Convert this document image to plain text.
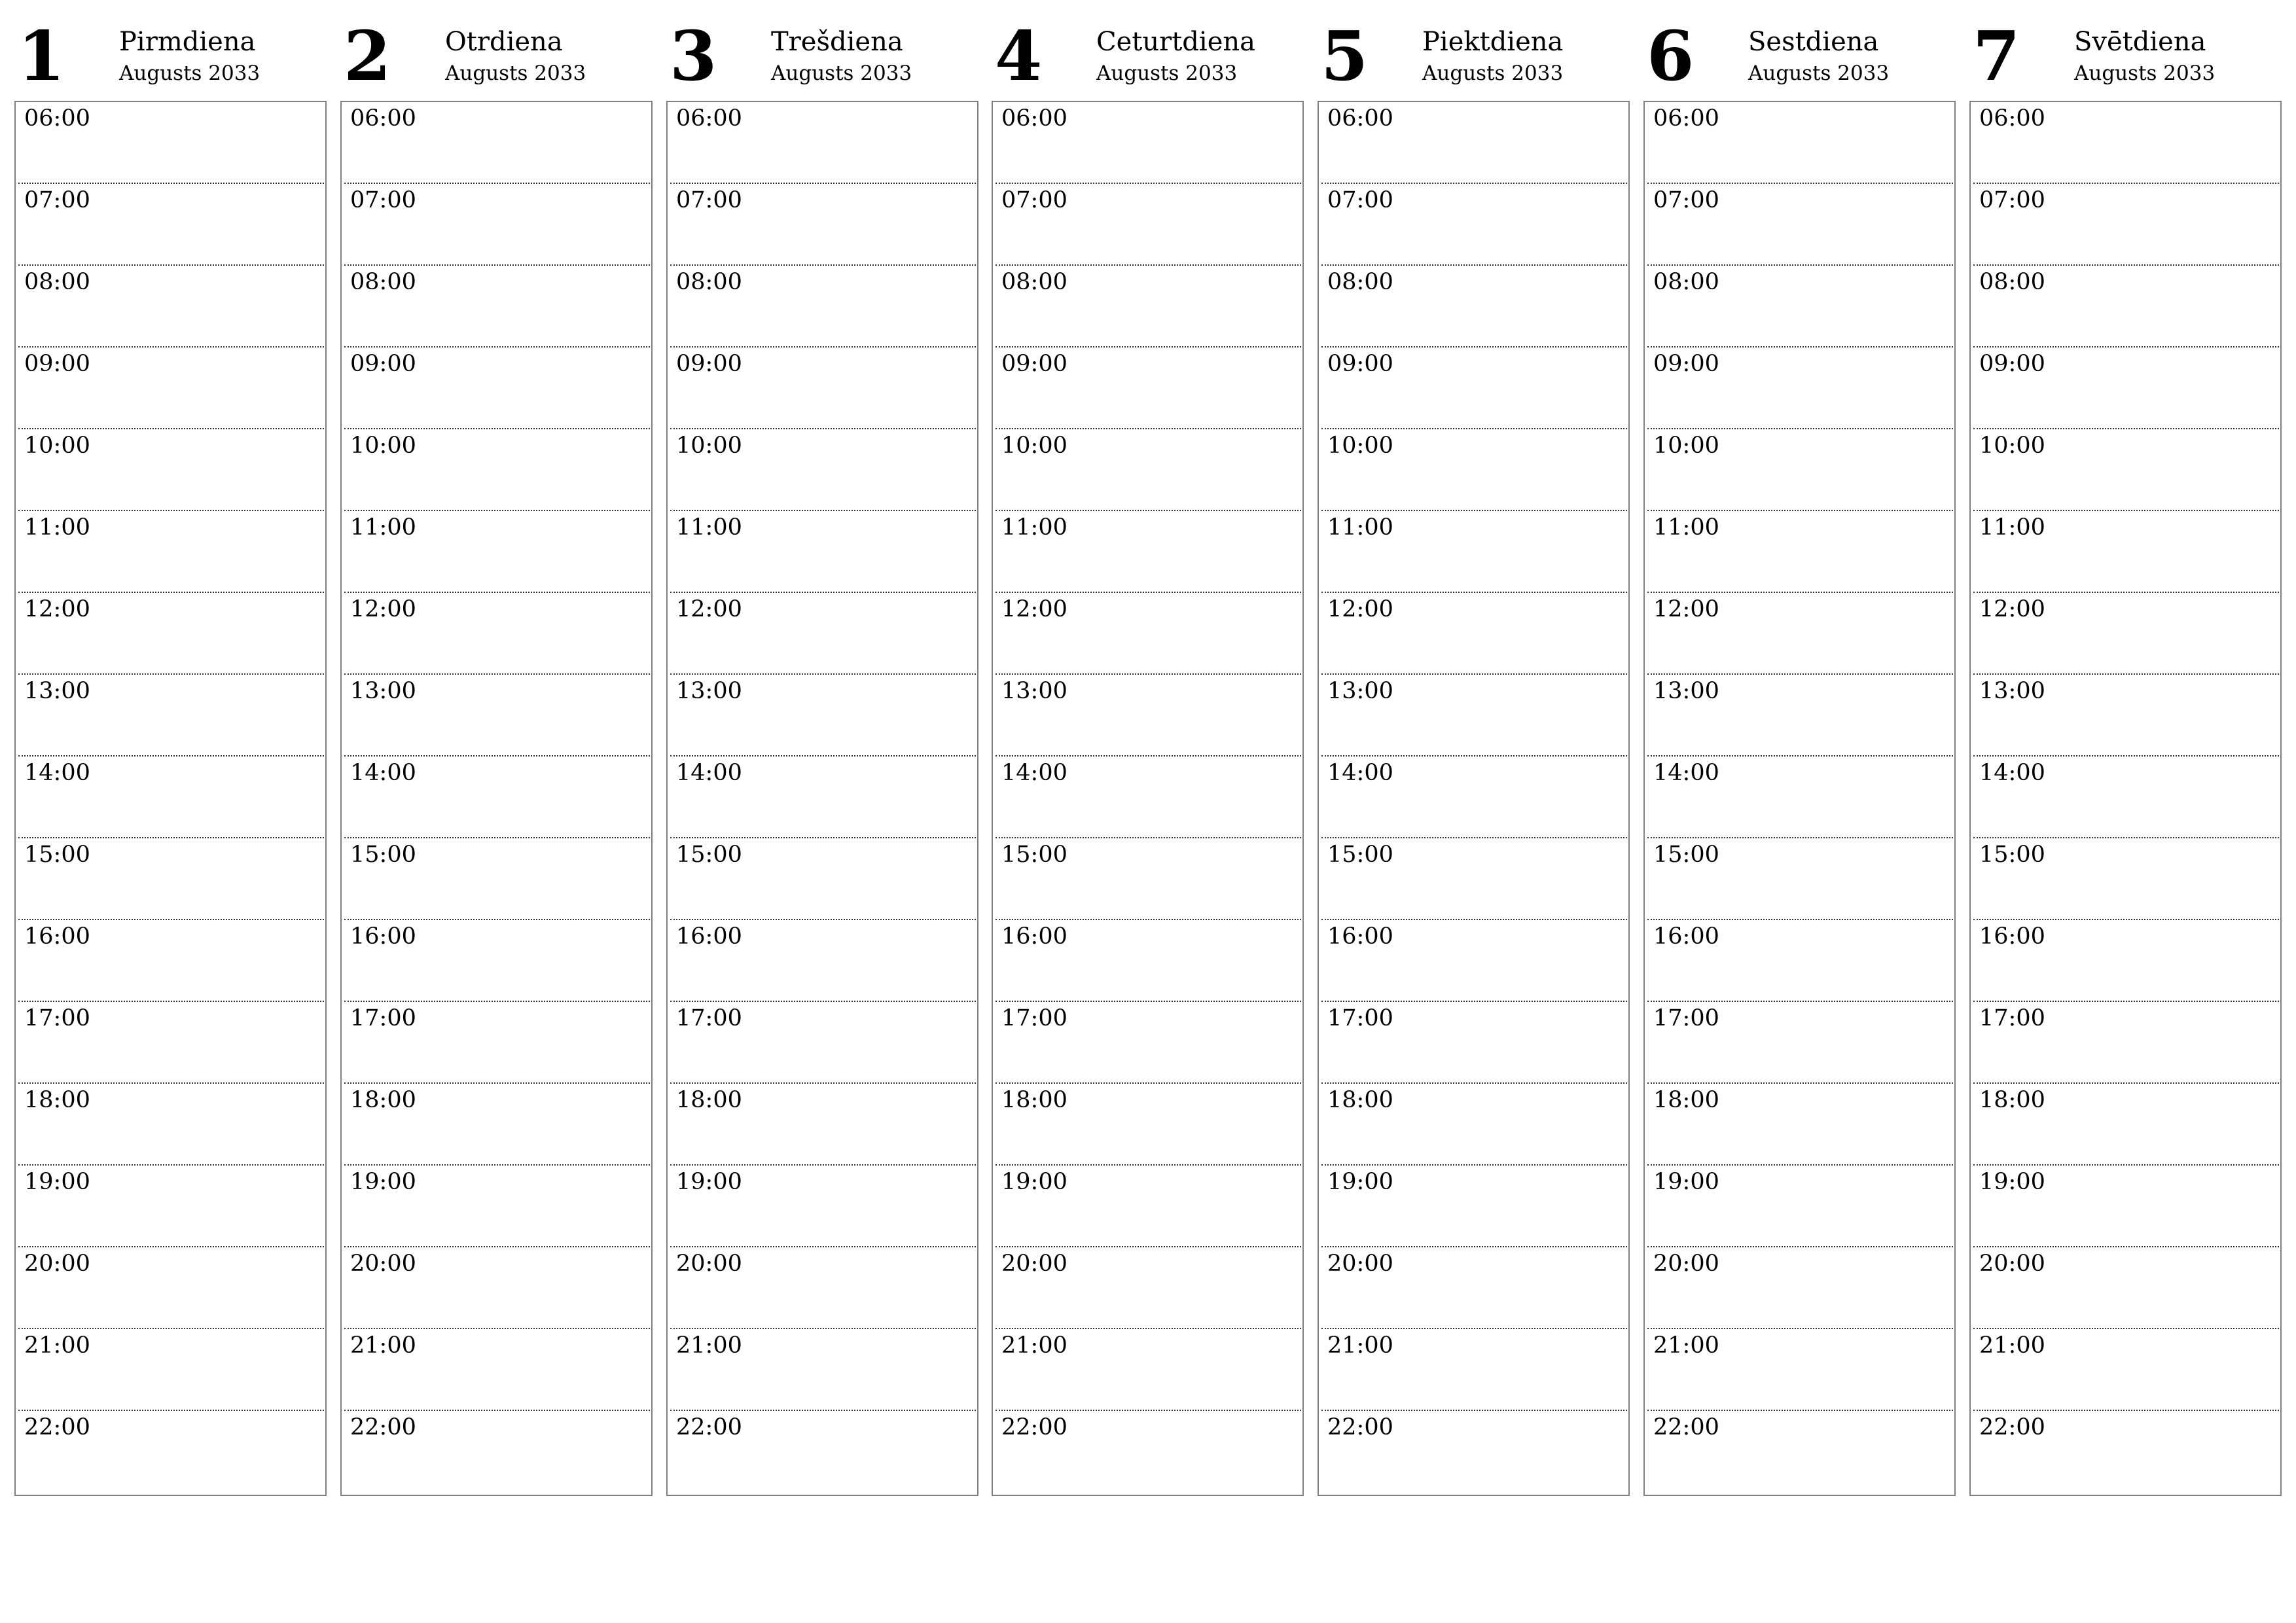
1 Pirmdiena
Augusts 2033
06:00
07:00
08:00
09:00
10:00
11:00
12:00
13:00
14:00
15:00
16:00
17:00
18:00
19:00
20:00
21:00
22:00
2 Otrdiena
Augusts 2033
06:00
07:00
08:00
09:00
10:00
11:00
12:00
13:00
14:00
15:00
16:00
17:00
18:00
19:00
20:00
21:00
22:00
3 Trešdiena
Augusts 2033
06:00
07:00
08:00
09:00
10:00
11:00
12:00
13:00
14:00
15:00
16:00
17:00
18:00
19:00
20:00
21:00
22:00
4 Ceturtdiena
Augusts 2033
06:00
07:00
08:00
09:00
10:00
11:00
12:00
13:00
14:00
15:00
16:00
17:00
18:00
19:00
20:00
21:00
22:00
5 Piektdiena
Augusts 2033
06:00
07:00
08:00
09:00
10:00
11:00
12:00
13:00
14:00
15:00
16:00
17:00
18:00
19:00
20:00
21:00
22:00
6 Sestdiena
Augusts 2033
06:00
07:00
08:00
09:00
10:00
11:00
12:00
13:00
14:00
15:00
16:00
17:00
18:00
19:00
20:00
21:00
22:00
7 Svētdiena
Augusts 2033
06:00
07:00
08:00
09:00
10:00
11:00
12:00
13:00
14:00
15:00
16:00
17:00
18:00
19:00
20:00
21:00
22:00
